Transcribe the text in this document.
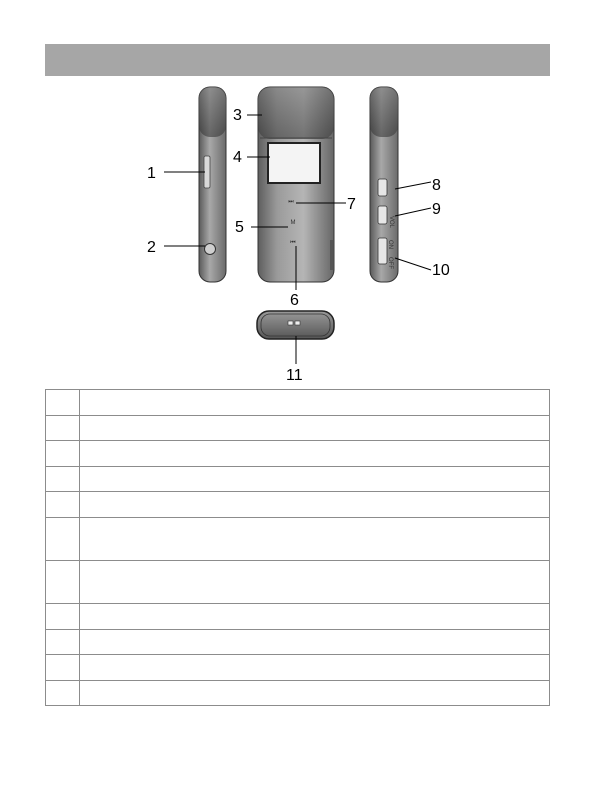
⏭
M
⏮
VOL
ON
OFF
1
2
3
4
5
6
7
8
9
10
11
